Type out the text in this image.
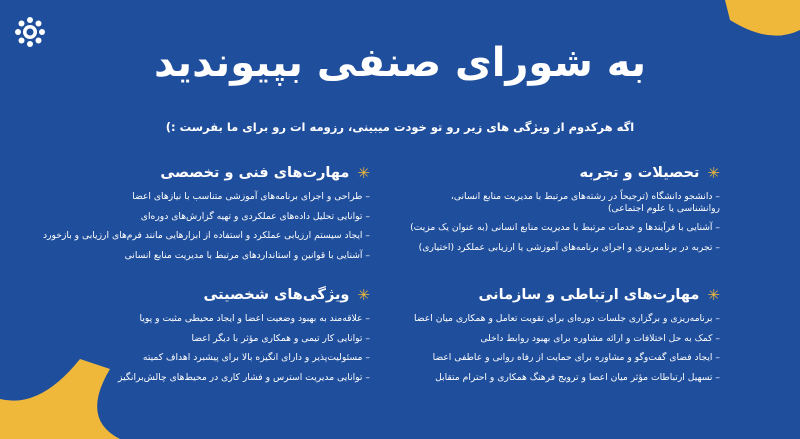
به شورای صنفی بپیوندید
اگه هرکدوم از ویژگی های زیر رو تو خودت میبینی، رزومه ات رو برای ما بفرست :)
✳
تحصیلات و تجربه
– دانشجو دانشگاه (ترجیحاً در رشته‌های مرتبط با مدیریت منابع انسانی، روانشناسی یا علوم اجتماعی)
– آشنایی با فرآیندها و خدمات مرتبط با مدیریت منابع انسانی (به عنوان یک مزیت)
– تجربه در برنامه‌ریزی و اجرای برنامه‌های آموزشی یا ارزیابی عملکرد (اختیاری)
✳
مهارت‌های فنی و تخصصی
– طراحی و اجرای برنامه‌های آموزشی متناسب با نیازهای اعضا
– توانایی تحلیل داده‌های عملکردی و تهیه گزارش‌های دوره‌ای
– ایجاد سیستم ارزیابی عملکرد و استفاده از ابزارهایی مانند فرم‌های ارزیابی و بازخورد
– آشنایی با قوانین و استانداردهای مرتبط با مدیریت منابع انسانی
✳
مهارت‌های ارتباطی و سازمانی
– برنامه‌ریزی و برگزاری جلسات دوره‌ای برای تقویت تعامل و همکاری میان اعضا
– کمک به حل اختلافات و ارائه مشاوره برای بهبود روابط داخلی
– ایجاد فضای گفت‌وگو و مشاوره برای حمایت از رفاه روانی و عاطفی اعضا
– تسهیل ارتباطات مؤثر میان اعضا و ترویج فرهنگ همکاری و احترام متقابل
✳
ویژگی‌های شخصیتی
– علاقه‌مند به بهبود وضعیت اعضا و ایجاد محیطی مثبت و پویا
– توانایی کار تیمی و همکاری مؤثر با دیگر اعضا
– مسئولیت‌پذیر و دارای انگیزه بالا برای پیشبرد اهداف کمیته
– توانایی مدیریت استرس و فشار کاری در محیط‌های چالش‌برانگیز
